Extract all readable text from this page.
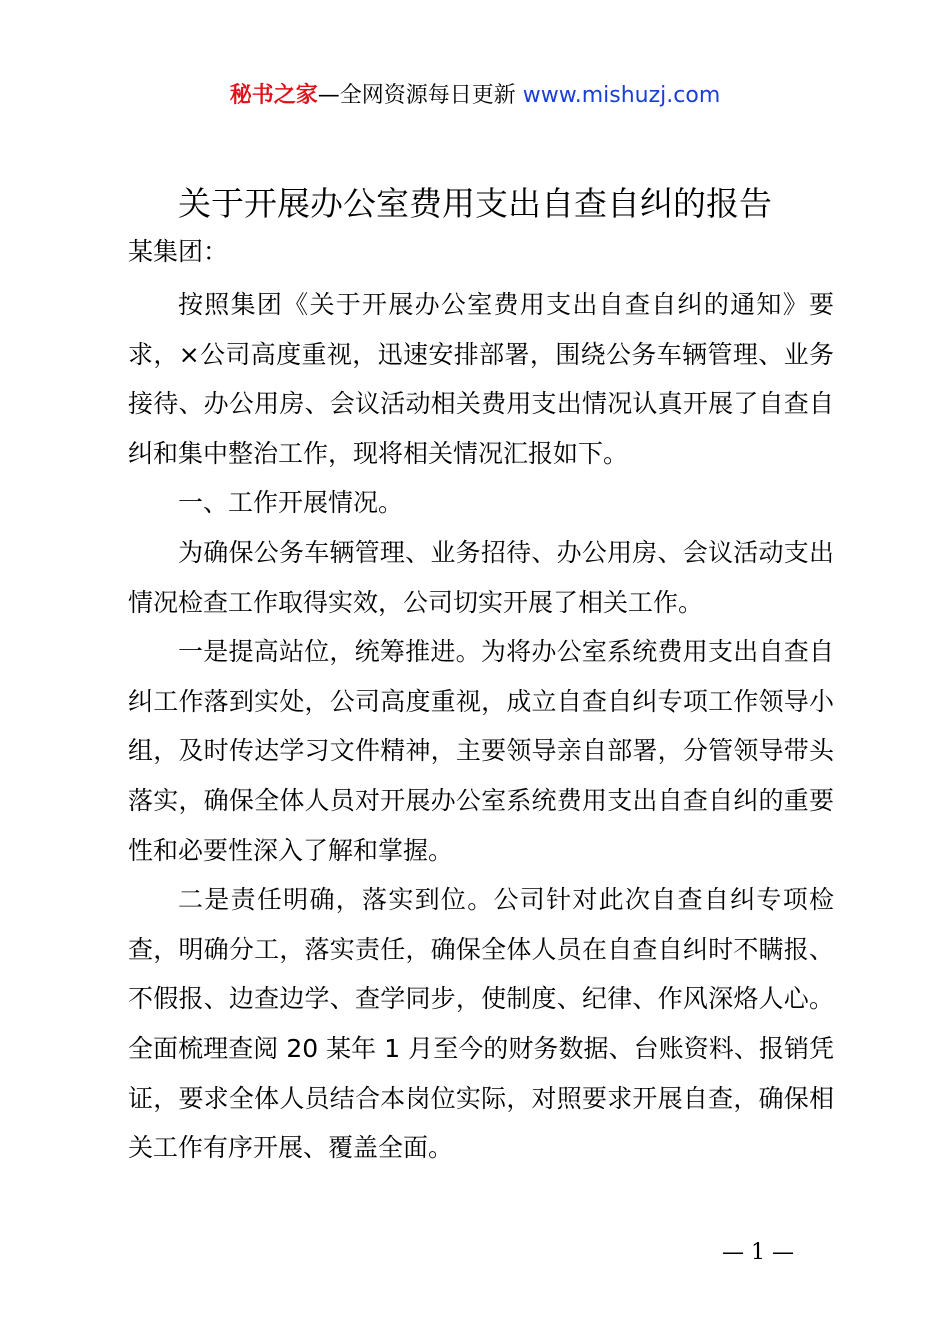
秘书之家—全网资源每日更新 www.mishuzj.com
关于开展办公室费用支出自查自纠的报告
某集团：

按照集团《关于开展办公室费用支出自查自纠的通知》要求，×公司高度重视，迅速安排部署，围绕公务车辆管理、业务接待、办公用房、会议活动相关费用支出情况认真开展了自查自纠和集中整治工作，现将相关情况汇报如下。

一、工作开展情况。

为确保公务车辆管理、业务招待、办公用房、会议活动支出情况检查工作取得实效，公司切实开展了相关工作。

一是提高站位，统筹推进。为将办公室系统费用支出自查自纠工作落到实处，公司高度重视，成立自查自纠专项工作领导小组，及时传达学习文件精神，主要领导亲自部署，分管领导带头落实，确保全体人员对开展办公室系统费用支出自查自纠的重要性和必要性深入了解和掌握。

二是责任明确，落实到位。公司针对此次自查自纠专项检查，明确分工，落实责任，确保全体人员在自查自纠时不瞒报、不假报、边查边学、查学同步，使制度、纪律、作风深烙人心。全面梳理查阅 20 某年 1 月至今的财务数据、台账资料、报销凭证，要求全体人员结合本岗位实际，对照要求开展自查，确保相关工作有序开展、覆盖全面。

— 1 —
